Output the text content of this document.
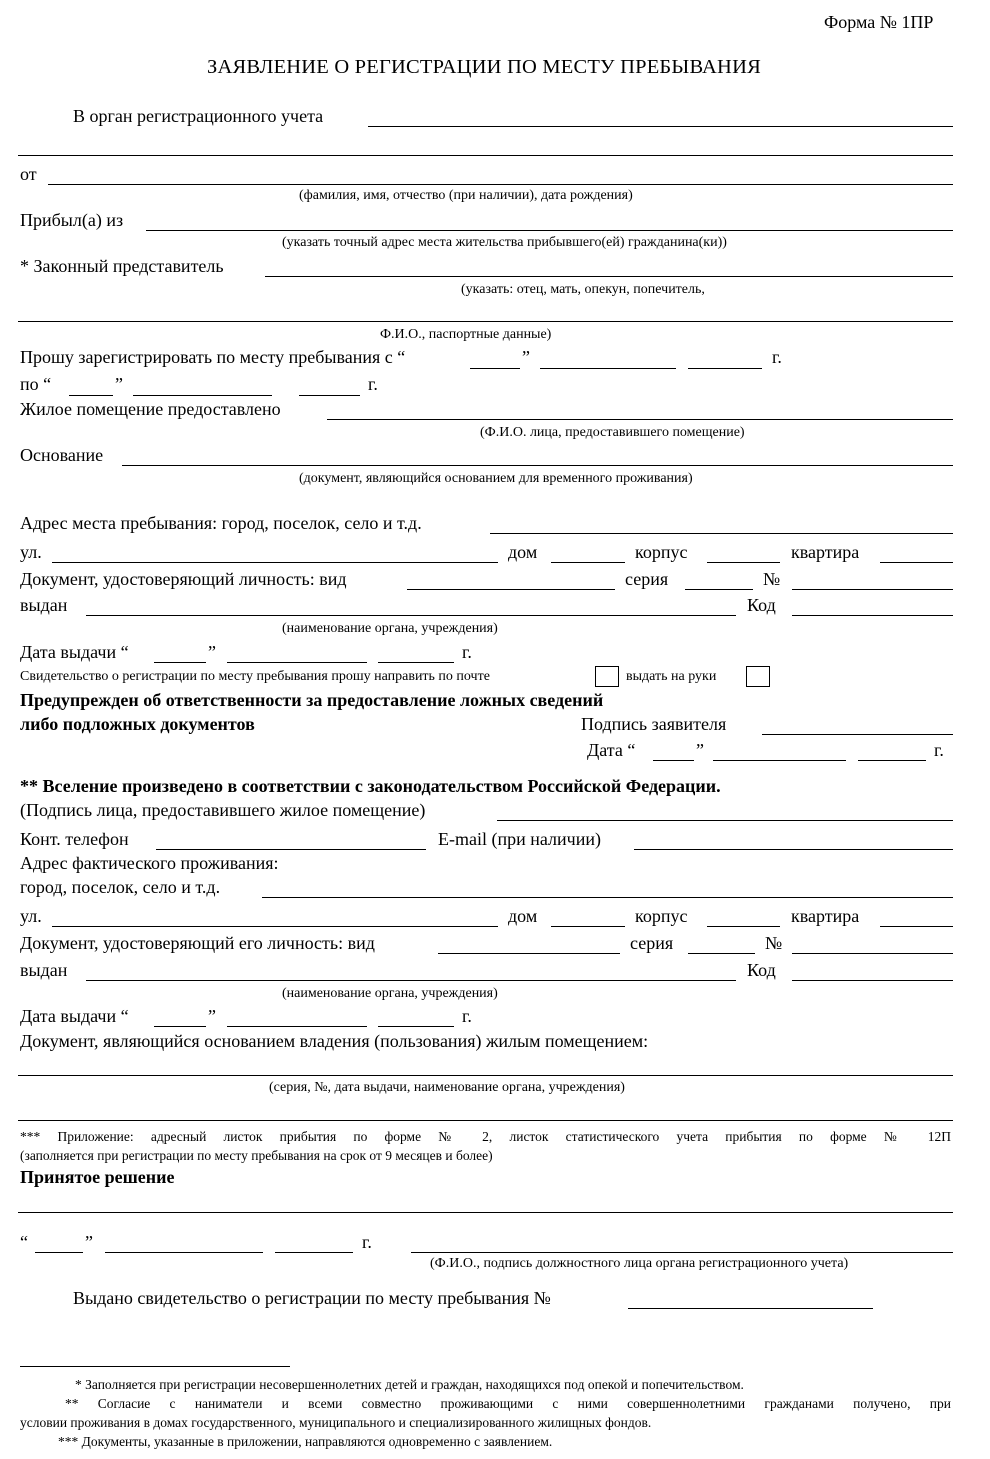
Форма № 1ПР
ЗАЯВЛЕНИЕ О РЕГИСТРАЦИИ ПО МЕСТУ ПРЕБЫВАНИЯ
В орган регистрационного учета
от
(фамилия, имя, отчество (при наличии), дата рождения)
Прибыл(а) из
(указать точный адрес места жительства прибывшего(ей) гражданина(ки))
* Законный представитель
(указать: отец, мать, опекун, попечитель,
Ф.И.О., паспортные данные)
Прошу зарегистрировать по месту пребывания с “	”	г.
по “	”	г.
Жилое помещение предоставлено
(Ф.И.О. лица, предоставившего помещение)
Основание
(документ, являющийся основанием для временного проживания)
Адрес места пребывания: город, поселок, село и т.д.
ул.	дом	корпус	квартира
Документ, удостоверяющий личность: вид	серия	№
выдан	Код
(наименование органа, учреждения)
Дата выдачи “	”	г.
Свидетельство о регистрации по месту пребывания прошу направить по почте	выдать на руки
Предупрежден об ответственности за предоставление ложных сведений
либо подложных документов	Подпись заявителя
Дата “	”	г.
** Вселение произведено в соответствии с законодательством Российской Федерации.
(Подпись лица, предоставившего жилое помещение)
Конт. телефон	E-mail (при наличии)
Адрес фактического проживания:
город, поселок, село и т.д.
ул.	дом	корпус	квартира
Документ, удостоверяющий его личность: вид	серия	№
выдан	Код
(наименование органа, учреждения)
Дата выдачи “	”	г.
Документ, являющийся основанием владения (пользования) жилым помещением:
(серия, №, дата выдачи, наименование органа, учреждения)
*** Приложение: адресный листок прибытия по форме № 2, листок статистического учета прибытия по форме № 12П
(заполняется при регистрации по месту пребывания на срок от 9 месяцев и более)
Принятое решение
“	”	г.
(Ф.И.О., подпись должностного лица органа регистрационного учета)
Выдано свидетельство о регистрации по месту пребывания №
* Заполняется при регистрации несовершеннолетних детей и граждан, находящихся под опекой и попечительством.
** Согласие с наниматели и всеми совместно проживающими с ними совершеннолетними гражданами получено, при
условии проживания в домах государственного, муниципального и специализированного жилищных фондов.
*** Документы, указанные в приложении, направляются одновременно с заявлением.
